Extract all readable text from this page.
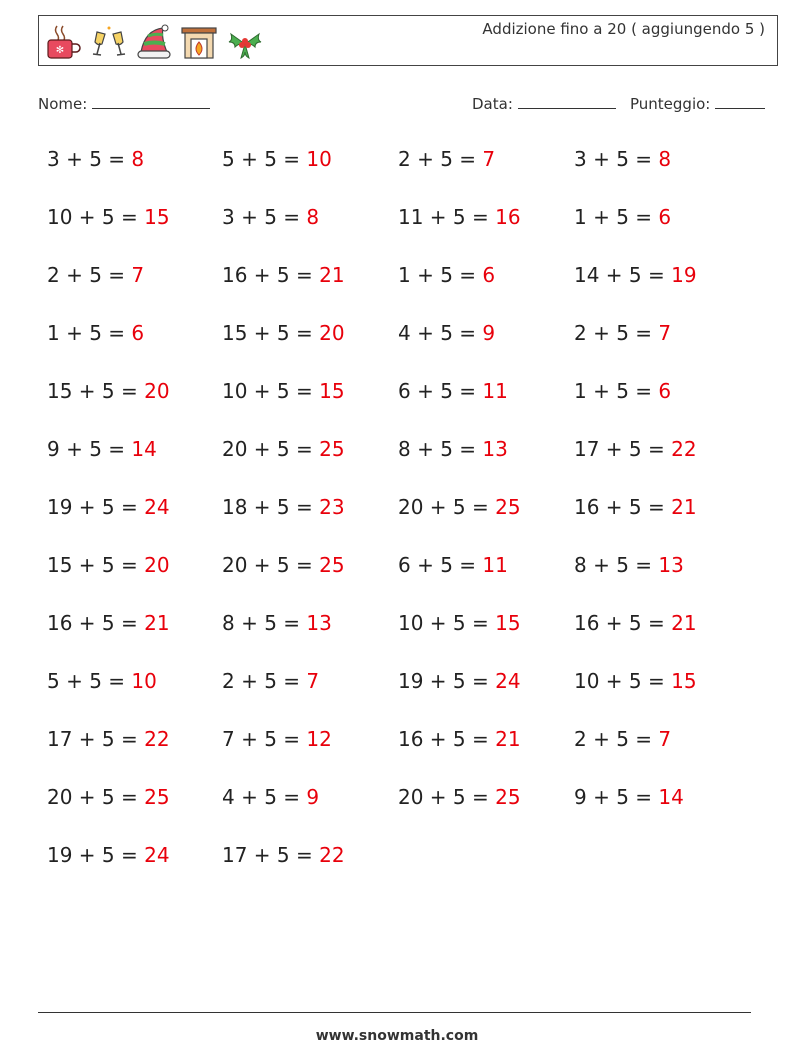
✻
Addizione fino a 20 ( aggiungendo 5 )
Nome:	Data:	Punteggio:
3 + 5 = 8	5 + 5 = 10	2 + 5 = 7	3 + 5 = 8
10 + 5 = 15	3 + 5 = 8	11 + 5 = 16	1 + 5 = 6
2 + 5 = 7	16 + 5 = 21	1 + 5 = 6	14 + 5 = 19
1 + 5 = 6	15 + 5 = 20	4 + 5 = 9	2 + 5 = 7
15 + 5 = 20	10 + 5 = 15	6 + 5 = 11	1 + 5 = 6
9 + 5 = 14	20 + 5 = 25	8 + 5 = 13	17 + 5 = 22
19 + 5 = 24	18 + 5 = 23	20 + 5 = 25	16 + 5 = 21
15 + 5 = 20	20 + 5 = 25	6 + 5 = 11	8 + 5 = 13
16 + 5 = 21	8 + 5 = 13	10 + 5 = 15	16 + 5 = 21
5 + 5 = 10	2 + 5 = 7	19 + 5 = 24	10 + 5 = 15
17 + 5 = 22	7 + 5 = 12	16 + 5 = 21	2 + 5 = 7
20 + 5 = 25	4 + 5 = 9	20 + 5 = 25	9 + 5 = 14
19 + 5 = 24	17 + 5 = 22
www.snowmath.com
